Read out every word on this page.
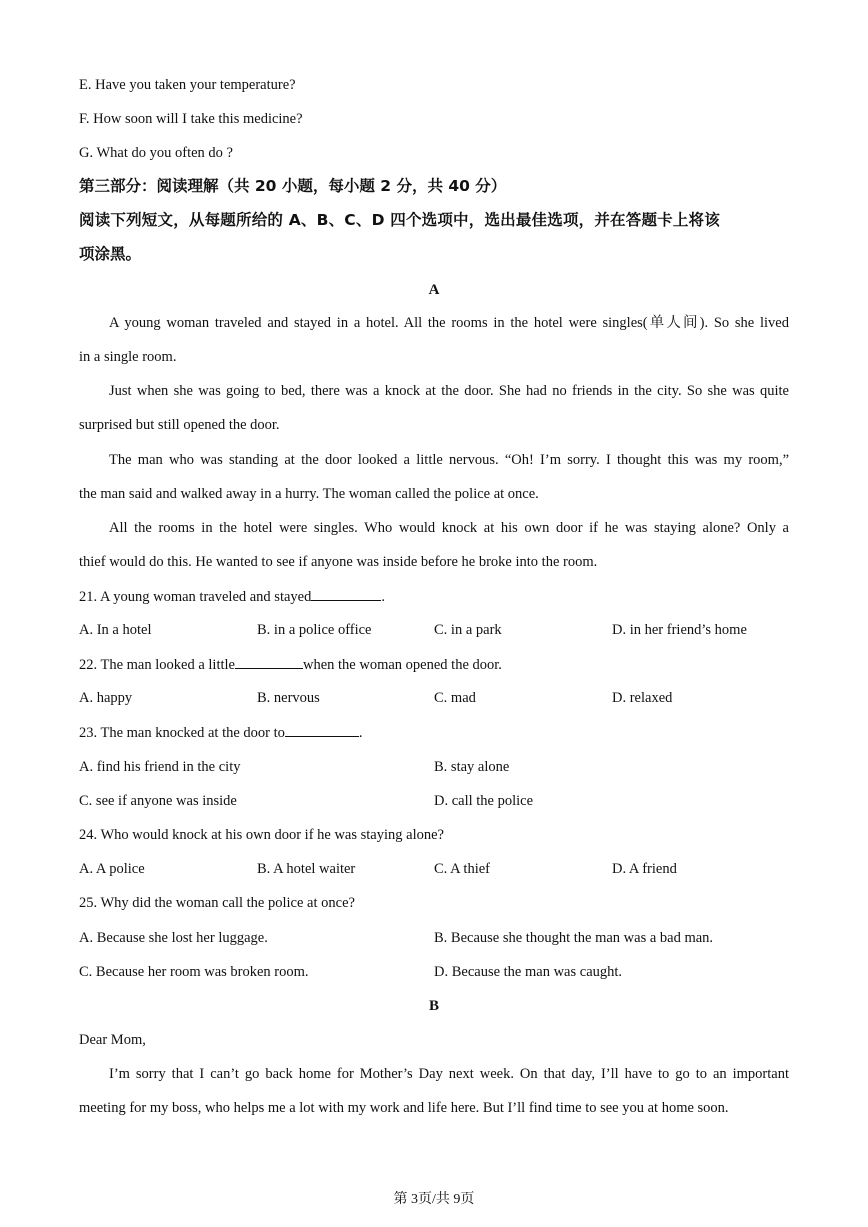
E. Have you taken your temperature?
F. How soon will I take this medicine?
G. What do you often do ?
第三部分：阅读理解（共 20 小题，每小题 2 分，共 40 分）
阅读下列短文，从每题所给的 A、B、C、D 四个选项中，选出最佳选项，并在答题卡上将该
项涂黑。
A
A young woman traveled and stayed in a hotel. All the rooms in the hotel were singles(单人间). So she lived
in a single room.
Just when she was going to bed, there was a knock at the door. She had no friends in the city. So she was quite
surprised but still opened the door.
The man who was standing at the door looked a little nervous. “Oh! I’m sorry. I thought this was my room,”
the man said and walked away in a hurry. The woman called the police at once.
All the rooms in the hotel were singles. Who would knock at his own door if he was staying alone? Only a
thief would do this. He wanted to see if anyone was inside before he broke into the room.
21. A young woman traveled and stayed	.
A. In a hotel	B. in a police office	C. in a park	D. in her friend’s home
22. The man looked a little	when the woman opened the door.
A. happy	B. nervous	C. mad	D. relaxed
23. The man knocked at the door to	.
A. find his friend in the city	B. stay alone
C. see if anyone was inside	D. call the police
24. Who would knock at his own door if he was staying alone?
A. A police	B. A hotel waiter	C. A thief	D. A friend
25. Why did the woman call the police at once?
A. Because she lost her luggage.	B. Because she thought the man was a bad man.
C. Because her room was broken room.	D. Because the man was caught.
B
Dear Mom,
I’m sorry that I can’t go back home for Mother’s Day next week. On that day, I’ll have to go to an important
meeting for my boss, who helps me a lot with my work and life here. But I’ll find time to see you at home soon.
第 3页/共 9页
